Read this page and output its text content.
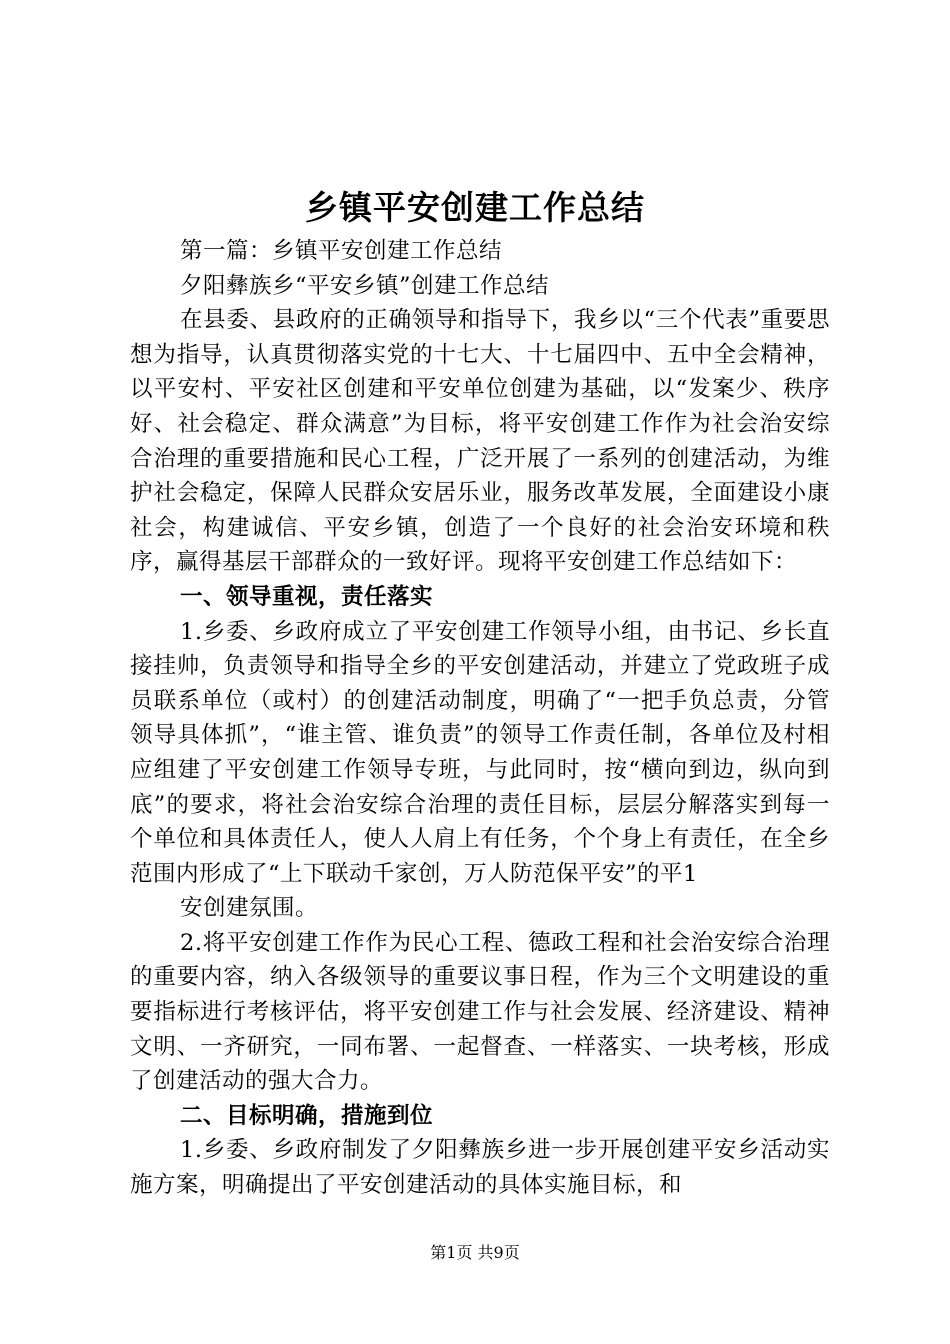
乡镇平安创建工作总结

第一篇：乡镇平安创建工作总结

夕阳彝族乡“平安乡镇”创建工作总结

在县委、县政府的正确领导和指导下，我乡以“三个代表”重要思想为指导，认真贯彻落实党的十七大、十七届四中、五中全会精神，以平安村、平安社区创建和平安单位创建为基础，以“发案少、秩序好、社会稳定、群众满意”为目标，将平安创建工作作为社会治安综合治理的重要措施和民心工程，广泛开展了一系列的创建活动，为维护社会稳定，保障人民群众安居乐业，服务改革发展，全面建设小康社会，构建诚信、平安乡镇，创造了一个良好的社会治安环境和秩序，赢得基层干部群众的一致好评。现将平安创建工作总结如下：

一、领导重视，责任落实

1.乡委、乡政府成立了平安创建工作领导小组，由书记、乡长直接挂帅，负责领导和指导全乡的平安创建活动，并建立了党政班子成员联系单位（或村）的创建活动制度，明确了“一把手负总责，分管领导具体抓”，“谁主管、谁负责”的领导工作责任制，各单位及村相应组建了平安创建工作领导专班，与此同时，按“横向到边，纵向到底”的要求，将社会治安综合治理的责任目标，层层分解落实到每一个单位和具体责任人，使人人肩上有任务，个个身上有责任，在全乡范围内形成了“上下联动千家创，万人防范保平安”的平1

安创建氛围。

2.将平安创建工作作为民心工程、德政工程和社会治安综合治理的重要内容，纳入各级领导的重要议事日程，作为三个文明建设的重要指标进行考核评估，将平安创建工作与社会发展、经济建设、精神文明、一齐研究，一同布署、一起督查、一样落实、一块考核，形成了创建活动的强大合力。

二、目标明确，措施到位

1.乡委、乡政府制发了夕阳彝族乡进一步开展创建平安乡活动实施方案，明确提出了平安创建活动的具体实施目标，和

第1页 共9页
